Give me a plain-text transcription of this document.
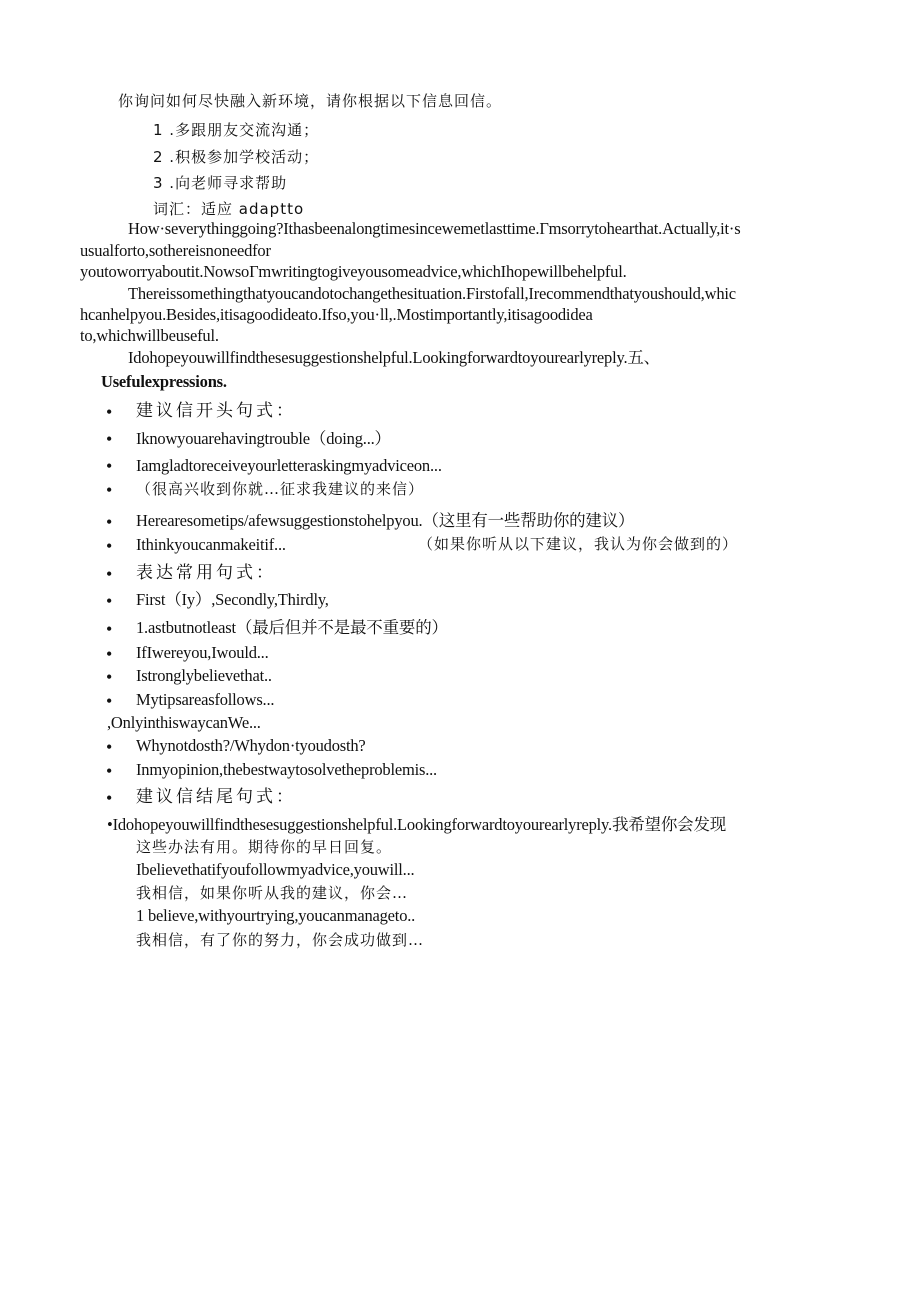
你询问如何尽快融入新环境，请你根据以下信息回信。
1 .多跟朋友交流沟通；
2 .积极参加学校活动；
3 .向老师寻求帮助
词汇：适应 adaptto
How·severythinggoing?Ithasbeenalongtimesincewemetlasttime.Γmsorrytohearthat.Actually,it·s
usualforto,sothereisnoneedfor
youtoworryaboutit.NowsoΓmwritingtogiveyousomeadvice,whichIhopewillbehelpful.
Thereissomethingthatyoucandotochangethesituation.Firstofall,Irecommendthatyoushould,whic
hcanhelpyou.Besides,itisagoodideato.Ifso,you·ll,.Mostimportantly,itisagoodidea
to,whichwillbeuseful.
Idohopeyouwillfindthesesuggestionshelpful.Lookingforwardtoyourearlyreply.五、
Usefulexpressions.
• 建议信开头句式：
• Iknowyouarehavingtrouble（doing...）
• Iamgladtoreceiveyourletteraskingmyadviceon...
• （很高兴收到你就…征求我建议的来信）
• Herearesometips/afewsuggestionstohelpyou.（这里有一些帮助你的建议）
• Ithinkyoucanmakeitif...	（如果你听从以下建议，我认为你会做到的）
• 表达常用句式：
• First（Iy）,Secondly,Thirdly,
• 1.astbutnotleast（最后但并不是最不重要的）
• IfIwereyou,Iwould...
• Istronglybelievethat..
• Mytipsareasfollows...
,OnlyinthiswaycanWe...
• Whynotdosth?/Whydon·tyoudosth?
• Inmyopinion,thebestwaytosolvetheproblemis...
• 建议信结尾句式：
•Idohopeyouwillfindthesesuggestionshelpful.Lookingforwardtoyourearlyreply.我希望你会发现
这些办法有用。期待你的早日回复。
Ibelievethatifyoufollowmyadvice,youwill...
我相信，如果你听从我的建议，你会…
1 believe,withyourtrying,youcanmanageto..
我相信，有了你的努力，你会成功做到…
